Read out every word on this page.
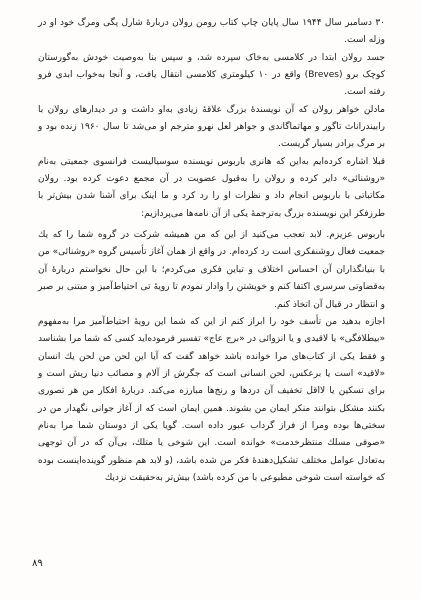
۳۰ دسامبر سال ۱۹۴۴ سال پایان چاپ کتاب رومن رولان دربارهٔ شارل پگی و‌مرگ خود او در وزله است.

جسد رولان ابتدا در کلامسی به‌خاک سپرده شد، و سپس بنا به‌وصیت خودش به‌گورستان کوچک برو (Breves) واقع در ۱۰ کیلومتری کلامسی انتقال یافت، و آنجا به‌خواب ابدی فرو رفته است.

مادلن خواهر رولان که آن نویسندهٔ بزرگ علاقهٔ زیادی به‌او داشت و در دیدارهای رولان با رابیندراناث تاگور و مهاتماگاندی و جواهر لعل نهرو مترجم او می‌شد تا سال ۱۹۶۰ زنده بود و بر مرگ برادر بسیار گریست.

قبلا اشاره کرده‌ایم به‌این که هانری باربوس نویسنده سوسیالیست فرانسوی جمعیتی به‌نام «روشنائی» دایر کرده و رولان را به‌قبول عضویت در آن مجمع دعوت کرده بود. رولان مکاتباتی با باربوس انجام داد و نظرات او را رد کرد و ما اینک برای آشنا شدن بیش‌تر با طرز‌فکر این نویسنده بزرگ به‌ترجمهٔ یکی از آن نامه‌ها می‌پردازیم:

باربوس عزیزم. لابد تعجب می‌کنید از این که من همیشه شرکت در گروه شما را که یك جمعیت فعال روشنفکری است رد کرده‌ام. در واقع از همان آغاز تأسیس گروه «روشنائی» من با بنیانگذاران آن احساس اختلاف و تباین فکری می‌کردم؛ با این حال نخواستم دربارهٔ آن به‌قضاوتی سرسری اکتفا کنم و خویشتن را وادار نمودم تا رویهٔ تی احتیاط‌آمیز و مبتنی بر صبر و انتظار در قبال آن اتخاذ کنم.

اجازه بدهید من تأسف خود را ابراز کنم از این که شما این رویهٔ احتیاط‌آمیز مرا به‌مفهوم «بیطلافگی» یا لاقیدی و یا انزوائی در «برج عاج» تفسیر فرموده‌اید کسی که شما مرا بشناسد و فقط یکی از کتاب‌های مرا خوانده باشد خواهد گفت که آیا این لحن من لحن یك انسان «لاقید» است یا برعکس، لحن انسانی است که جگرش از آلام و مصائب دنیا ریش است و برای تسکین یا لااقل تخفیف آن دردها و رنج‌ها مبارزه می‌کند. دربارهٔ افکار من هر تصوری بکنند مشکل بتوانند منکر ایمان من بشوند. همین ایمان است که از آغاز جوانی نگهدار من در سختی‌ها بوده ومرا از فراز گرداب عبور داده است. گویا یکی از دوستان شما مرا به‌نام «صوفی مسلك منتظرخدمت» خوانده است. این شوخی یا متلك، بی‌آن که در آن توجهی به‌تعادل عوامل مختلف تشکیل‌دهندهٔ فکر من شده باشد، (و لابد هم منظور گوینده‌اینست بوده که خواسته است شوخی مطبوعی با من کرده باشد) بیش‌تر به‌حقیقت نزدیك

۸۹
